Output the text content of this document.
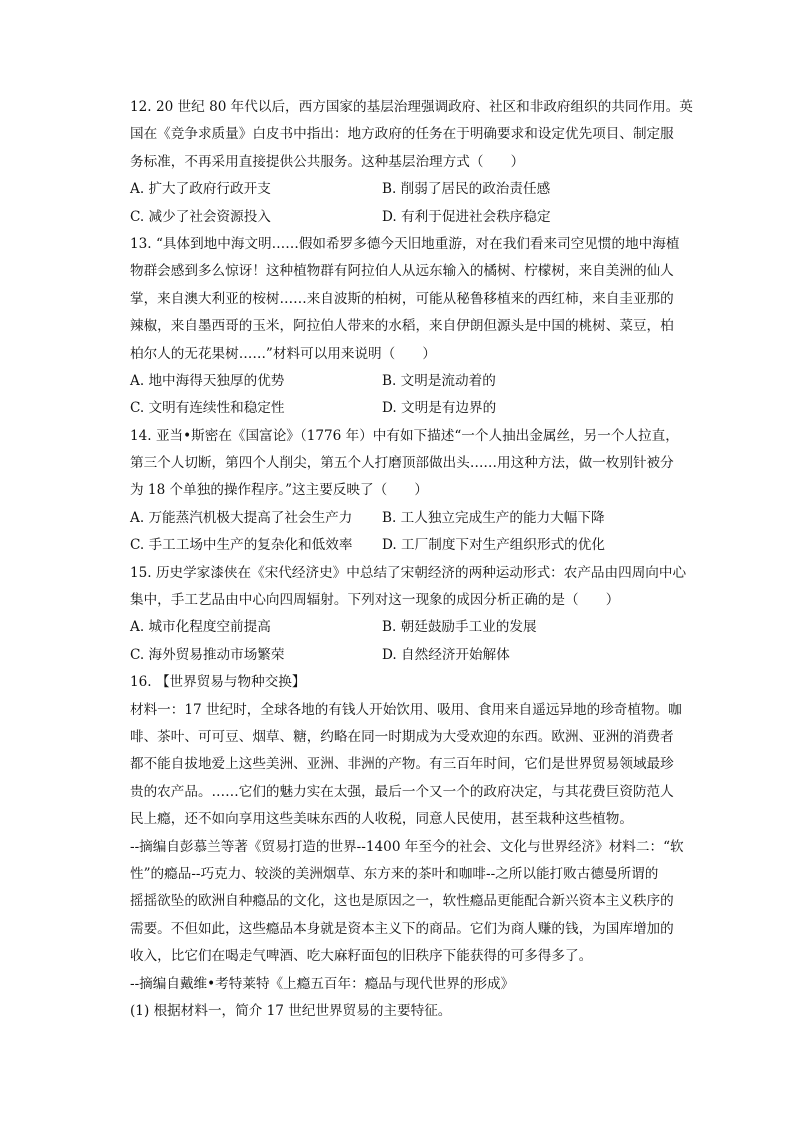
12. 20 世纪 80 年代以后，西方国家的基层治理强调政府、社区和非政府组织的共同作用。英
国在《竞争求质量》白皮书中指出：地方政府的任务在于明确要求和设定优先项目、制定服
务标准，不再采用直接提供公共服务。这种基层治理方式（　　）
A. 扩大了政府行政开支	B. 削弱了居民的政治责任感
C. 减少了社会资源投入	D. 有利于促进社会秩序稳定
13. “具体到地中海文明……假如希罗多德今天旧地重游，对在我们看来司空见惯的地中海植
物群会感到多么惊讶！这种植物群有阿拉伯人从远东输入的橘树、柠檬树，来自美洲的仙人
掌，来自澳大利亚的桉树……来自波斯的柏树，可能从秘鲁移植来的西红柿，来自圭亚那的
辣椒，来自墨西哥的玉米，阿拉伯人带来的水稻，来自伊朗但源头是中国的桃树、菜豆，柏
柏尔人的无花果树……”材料可以用来说明（　　）
A. 地中海得天独厚的优势	B. 文明是流动着的
C. 文明有连续性和稳定性	D. 文明是有边界的
14. 亚当•斯密在《国富论》（1776 年）中有如下描述“一个人抽出金属丝，另一个人拉直，
第三个人切断，第四个人削尖，第五个人打磨顶部做出头……用这种方法，做一枚别针被分
为 18 个单独的操作程序。”这主要反映了（　　）
A. 万能蒸汽机极大提高了社会生产力	B. 工人独立完成生产的能力大幅下降
C. 手工工场中生产的复杂化和低效率	D. 工厂制度下对生产组织形式的优化
15. 历史学家漆侠在《宋代经济史》中总结了宋朝经济的两种运动形式：农产品由四周向中心
集中，手工艺品由中心向四周辐射。下列对这一现象的成因分析正确的是（　　）
A. 城市化程度空前提高	B. 朝廷鼓励手工业的发展
C. 海外贸易推动市场繁荣	D. 自然经济开始解体
16. 【世界贸易与物种交换】
材料一：17 世纪时，全球各地的有钱人开始饮用、吸用、食用来自遥远异地的珍奇植物。咖
啡、茶叶、可可豆、烟草、糖，约略在同一时期成为大受欢迎的东西。欧洲、亚洲的消费者
都不能自拔地爱上这些美洲、亚洲、非洲的产物。有三百年时间，它们是世界贸易领域最珍
贵的农产品。……它们的魅力实在太强，最后一个又一个的政府决定，与其花费巨资防范人
民上瘾，还不如向享用这些美味东西的人收税，同意人民使用，甚至栽种这些植物。
--摘编自彭慕兰等著《贸易打造的世界--1400 年至今的社会、文化与世界经济》材料二：“软
性”的瘾品--巧克力、较淡的美洲烟草、东方来的茶叶和咖啡--之所以能打败古德曼所谓的
摇摇欲坠的欧洲自种瘾品的文化，这也是原因之一，软性瘾品更能配合新兴资本主义秩序的
需要。不但如此，这些瘾品本身就是资本主义下的商品。它们为商人赚的钱，为国库增加的
收入，比它们在喝走气啤酒、吃大麻籽面包的旧秩序下能获得的可多得多了。
--摘编自戴维•考特莱特《上瘾五百年：瘾品与现代世界的形成》
(1) 根据材料一，简介 17 世纪世界贸易的主要特征。
